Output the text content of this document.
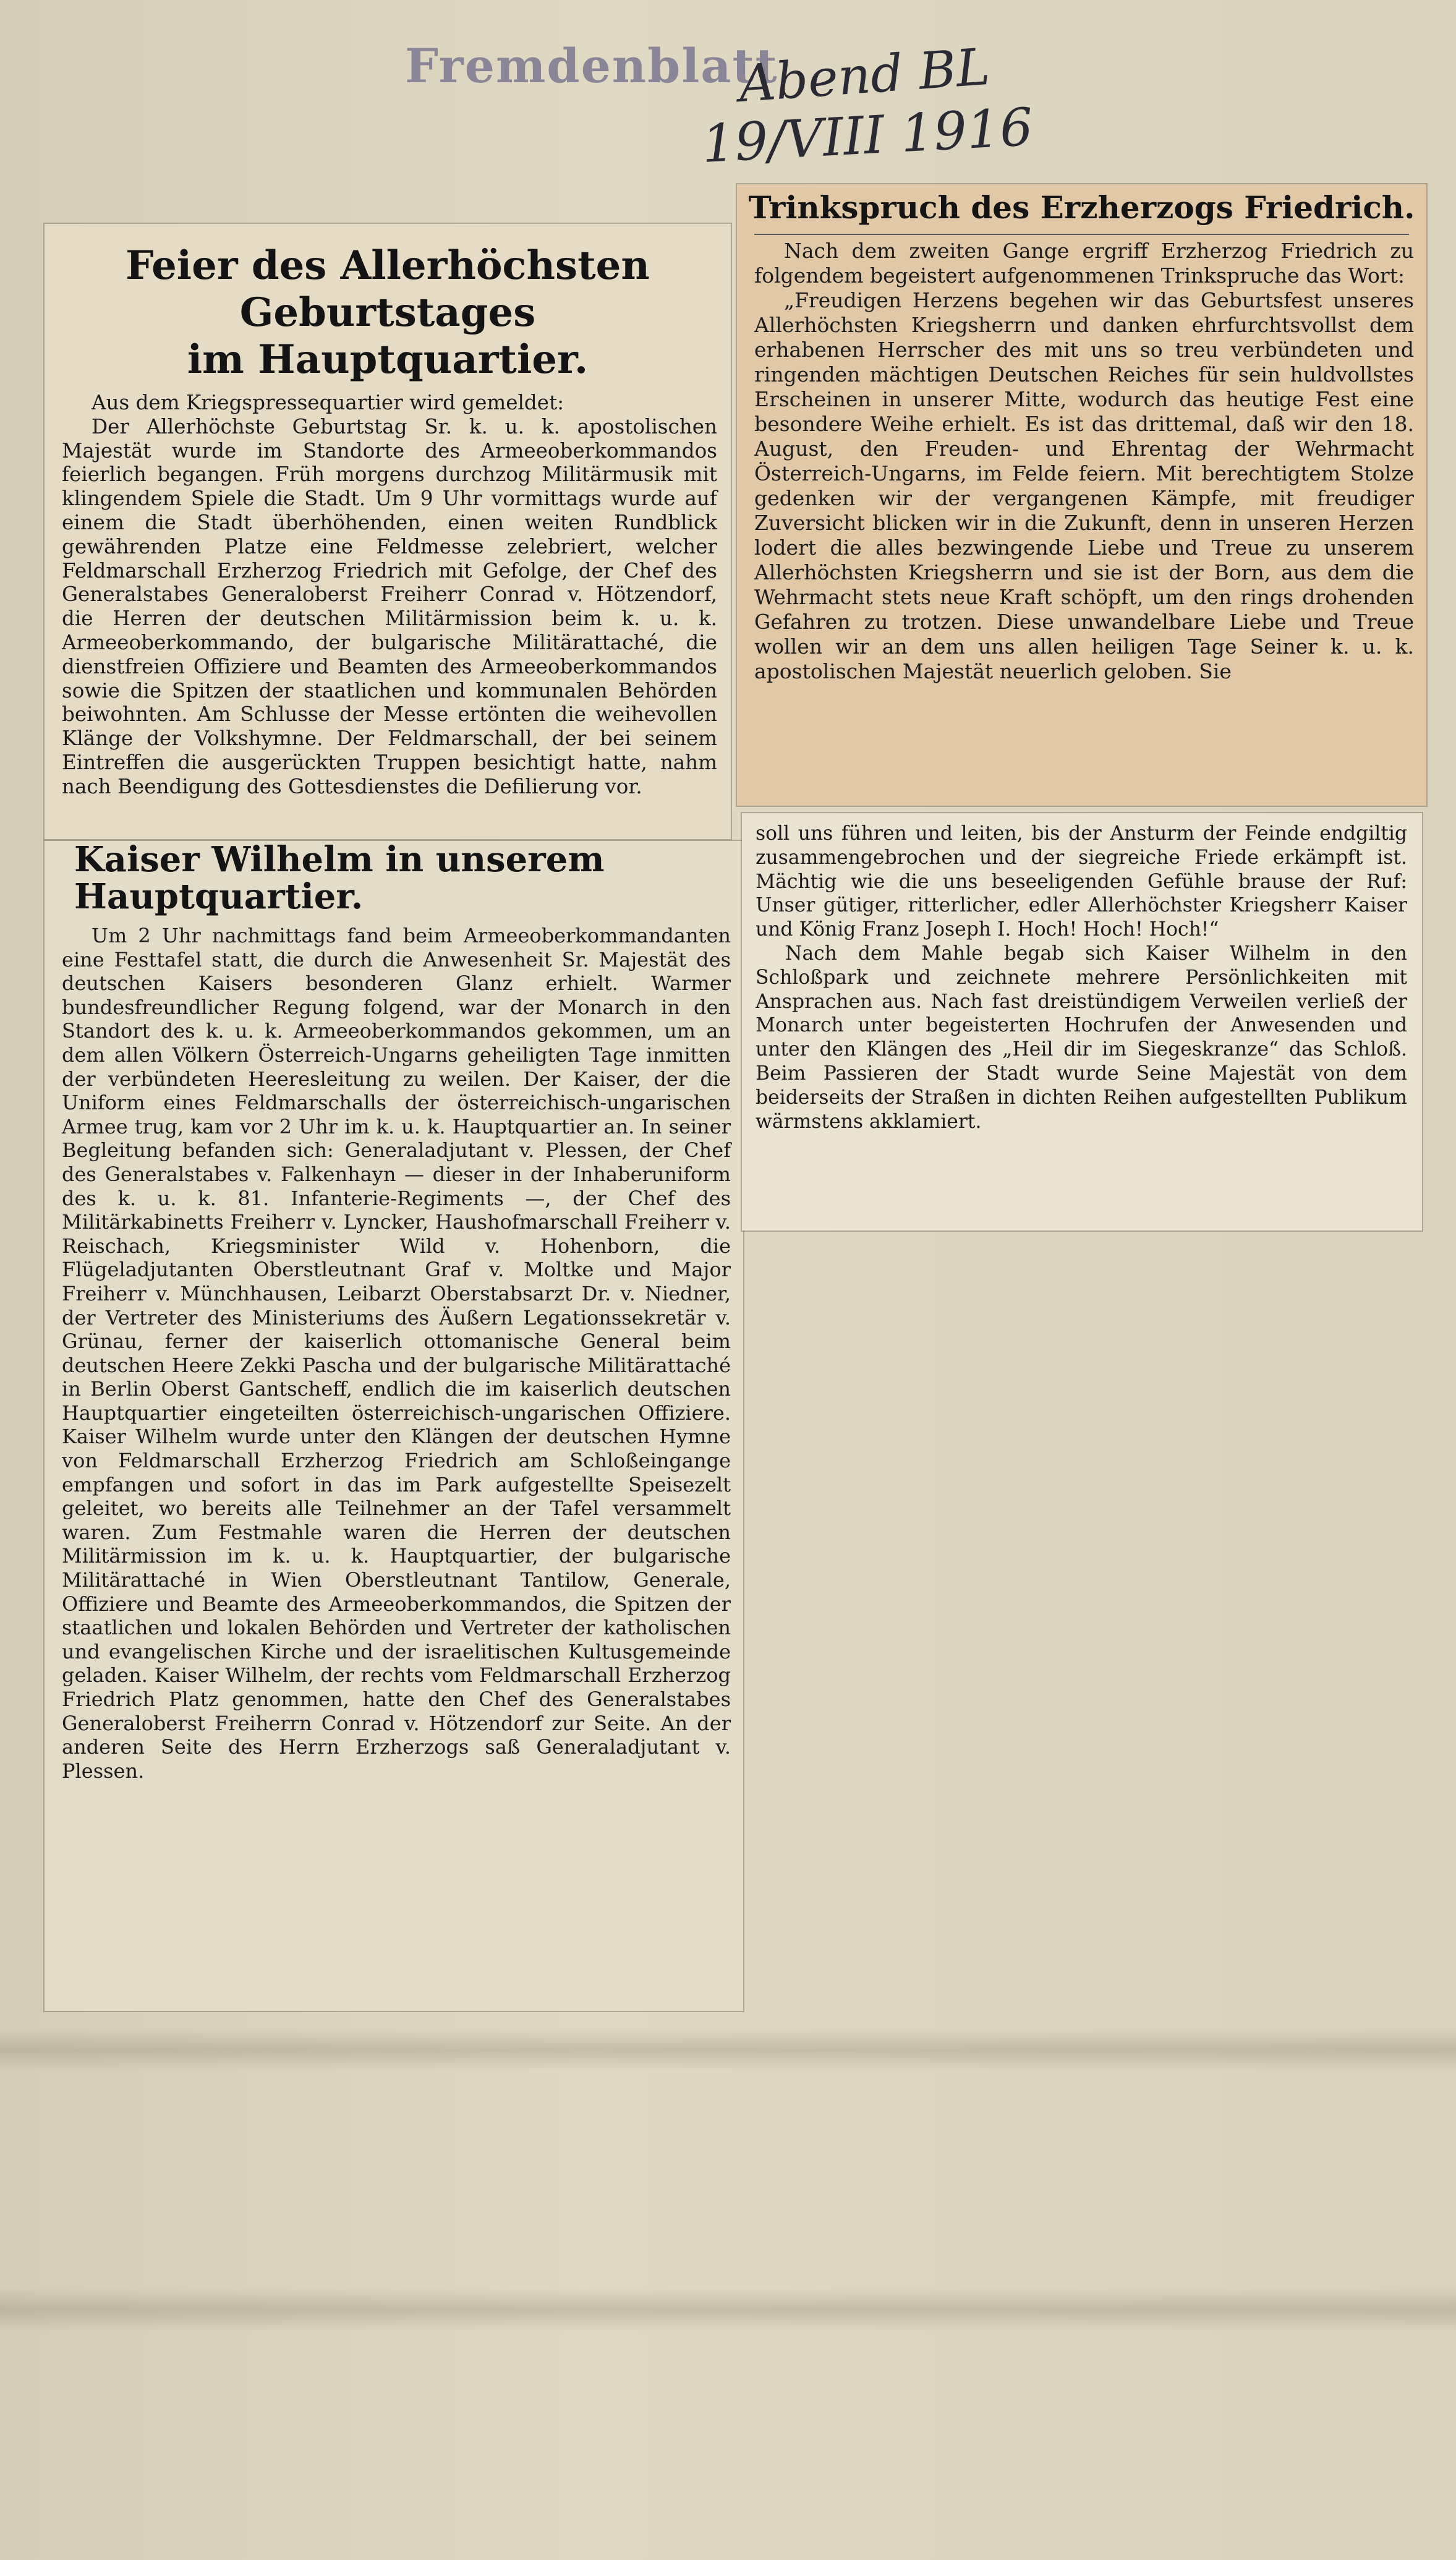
Fremdenblatt
Abend BL
19/VIII 1916
Feier des Allerhöchsten Geburtstages
im Hauptquartier.

Aus dem Kriegspressequartier wird gemeldet:

Der Allerhöchste Geburtstag Sr. k. u. k. apostolischen Majestät wurde im Standorte des Armeeoberkommandos feierlich begangen. Früh morgens durchzog Militärmusik mit klingendem Spiele die Stadt. Um 9 Uhr vormittags wurde auf einem die Stadt überhöhenden, einen weiten Rundblick gewährenden Platze eine Feldmesse zelebriert, welcher Feldmarschall Erzherzog Friedrich mit Gefolge, der Chef des Generalstabes Generaloberst Freiherr Conrad v. Hötzendorf, die Herren der deutschen Militärmission beim k. u. k. Armeeoberkommando, der bulgarische Militärattaché, die dienstfreien Offiziere und Beamten des Armeeoberkommandos sowie die Spitzen der staatlichen und kommunalen Behörden beiwohnten. Am Schlusse der Messe ertönten die weihevollen Klänge der Volkshymne. Der Feldmarschall, der bei seinem Eintreffen die ausgerückten Truppen besichtigt hatte, nahm nach Beendigung des Gottesdienstes die Defilierung vor.

Kaiser Wilhelm in unserem Hauptquartier.

Um 2 Uhr nachmittags fand beim Armeeoberkommandanten eine Festtafel statt, die durch die Anwesenheit Sr. Majestät des deutschen Kaisers besonderen Glanz erhielt. Warmer bundesfreundlicher Regung folgend, war der Monarch in den Standort des k. u. k. Armeeoberkommandos gekommen, um an dem allen Völkern Österreich-Ungarns geheiligten Tage inmitten der verbündeten Heeresleitung zu weilen. Der Kaiser, der die Uniform eines Feldmarschalls der österreichisch-ungarischen Armee trug, kam vor 2 Uhr im k. u. k. Hauptquartier an. In seiner Begleitung befanden sich: Generaladjutant v. Plessen, der Chef des Generalstabes v. Falkenhayn — dieser in der Inhaberuniform des k. u. k. 81. Infanterie-Regiments —, der Chef des Militärkabinetts Freiherr v. Lyncker, Haushofmarschall Freiherr v. Reischach, Kriegsminister Wild v. Hohenborn, die Flügeladjutanten Oberstleutnant Graf v. Moltke und Major Freiherr v. Münchhausen, Leibarzt Oberstabsarzt Dr. v. Niedner, der Vertreter des Ministeriums des Äußern Legationssekretär v. Grünau, ferner der kaiserlich ottomanische General beim deutschen Heere Zekki Pascha und der bulgarische Militärattaché in Berlin Oberst Gantscheff, endlich die im kaiserlich deutschen Hauptquartier eingeteilten österreichisch-ungarischen Offiziere. Kaiser Wilhelm wurde unter den Klängen der deutschen Hymne von Feldmarschall Erzherzog Friedrich am Schloßeingange empfangen und sofort in das im Park aufgestellte Speisezelt geleitet, wo bereits alle Teilnehmer an der Tafel versammelt waren. Zum Festmahle waren die Herren der deutschen Militärmission im k. u. k. Hauptquartier, der bulgarische Militärattaché in Wien Oberstleutnant Tantilow, Generale, Offiziere und Beamte des Armeeoberkommandos, die Spitzen der staatlichen und lokalen Behörden und Vertreter der katholischen und evangelischen Kirche und der israelitischen Kultusgemeinde geladen. Kaiser Wilhelm, der rechts vom Feldmarschall Erzherzog Friedrich Platz genommen, hatte den Chef des Generalstabes Generaloberst Freiherrn Conrad v. Hötzendorf zur Seite. An der anderen Seite des Herrn Erzherzogs saß Generaladjutant v. Plessen.

Trinkspruch des Erzherzogs Friedrich.

Nach dem zweiten Gange ergriff Erzherzog Friedrich zu folgendem begeistert aufgenommenen Trinkspruche das Wort:

„Freudigen Herzens begehen wir das Geburtsfest unseres Allerhöchsten Kriegsherrn und danken ehrfurchtsvollst dem erhabenen Herrscher des mit uns so treu verbündeten und ringenden mächtigen Deutschen Reiches für sein huldvollstes Erscheinen in unserer Mitte, wodurch das heutige Fest eine besondere Weihe erhielt. Es ist das drittemal, daß wir den 18. August, den Freuden- und Ehrentag der Wehrmacht Österreich-Ungarns, im Felde feiern. Mit berechtigtem Stolze gedenken wir der vergangenen Kämpfe, mit freudiger Zuversicht blicken wir in die Zukunft, denn in unseren Herzen lodert die alles bezwingende Liebe und Treue zu unserem Allerhöchsten Kriegsherrn und sie ist der Born, aus dem die Wehrmacht stets neue Kraft schöpft, um den rings drohenden Gefahren zu trotzen. Diese unwandelbare Liebe und Treue wollen wir an dem uns allen heiligen Tage Seiner k. u. k. apostolischen Majestät neuerlich geloben. Sie

soll uns führen und leiten, bis der Ansturm der Feinde endgiltig zusammengebrochen und der siegreiche Friede erkämpft ist. Mächtig wie die uns beseeligenden Gefühle brause der Ruf: Unser gütiger, ritterlicher, edler Allerhöchster Kriegsherr Kaiser und König Franz Joseph I. Hoch! Hoch! Hoch!“

Nach dem Mahle begab sich Kaiser Wilhelm in den Schloßpark und zeichnete mehrere Persönlichkeiten mit Ansprachen aus. Nach fast dreistündigem Verweilen verließ der Monarch unter begeisterten Hochrufen der Anwesenden und unter den Klängen des „Heil dir im Siegeskranze“ das Schloß. Beim Passieren der Stadt wurde Seine Majestät von dem beiderseits der Straßen in dichten Reihen aufgestellten Publikum wärmstens akklamiert.
